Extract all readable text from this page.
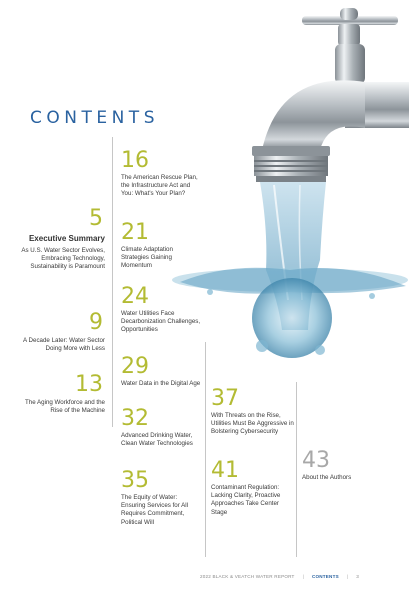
CONTENTS
5
Executive Summary
As U.S. Water Sector Evolves, Embracing Technology, Sustainability is Paramount
9
A Decade Later: Water Sector Doing More with Less
13
The Aging Workforce and the Rise of the Machine
16
The American Rescue Plan, the Infrastructure Act and You: What's Your Plan?
21
Climate Adaptation Strategies Gaining Momentum
24
Water Utilities Face Decarbonization Challenges, Opportunities
29
Water Data in the Digital Age
32
Advanced Drinking Water, Clean Water Technologies
35
The Equity of Water: Ensuring Services for All Requires Commitment, Political Will
37
With Threats on the Rise, Utilities Must Be Aggressive in Bolstering Cybersecurity
41
Contaminant Regulation: Lacking Clarity, Proactive Approaches Take Center Stage
43
About the Authors
2022 BLACK & VEATCH WATER REPORT | CONTENTS | 3
